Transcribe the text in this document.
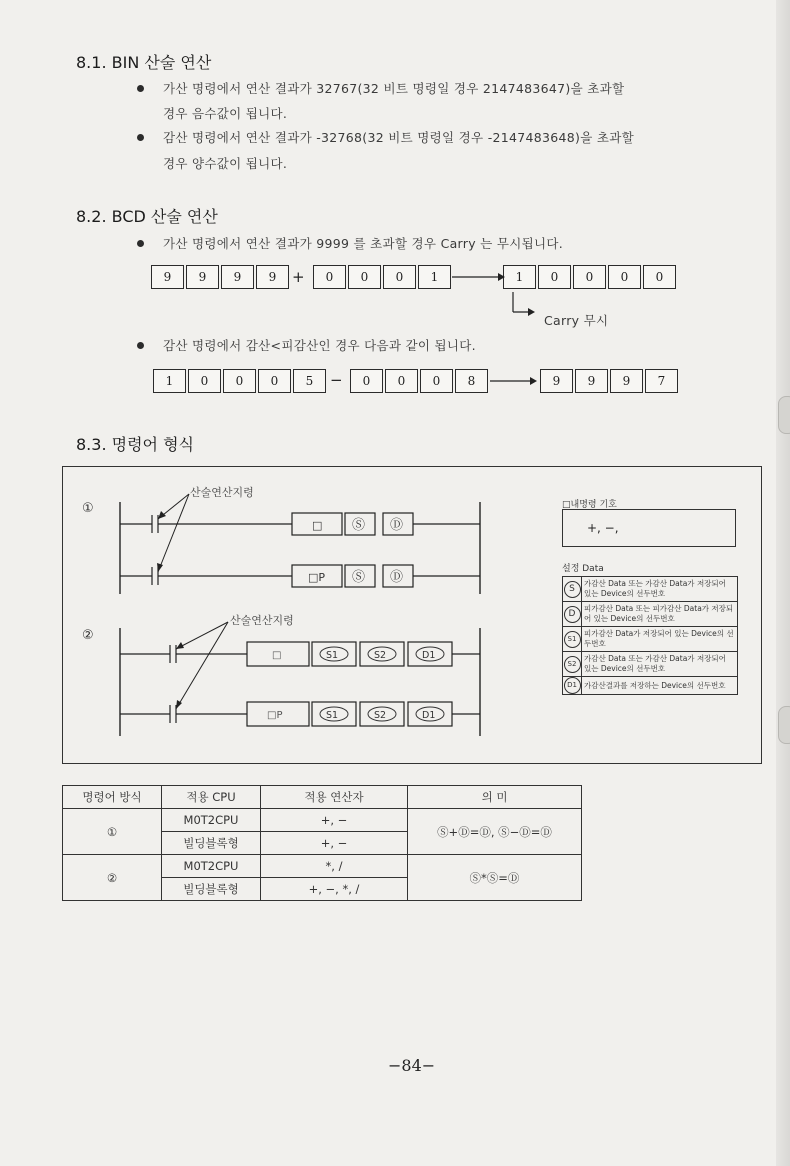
8.1. BIN 산술 연산
가산 명령에서 연산 결과가 32767(32 비트 명령일 경우 2147483647)을 초과할
경우 음수값이 됩니다.
감산 명령에서 연산 결과가 -32768(32 비트 명령일 경우 -2147483648)을 초과할
경우 양수값이 됩니다.
8.2. BCD 산술 연산
가산 명령에서 연산 결과가 9999 를 초과할 경우 Carry 는 무시됩니다.
9	9	9	9	+	0	0	0	1	1	0	0	0	0
Carry 무시
감산 명령에서 감산<피감산인 경우 다음과 같이 됩니다.
1	0	0	0	5	−	0	0	0	8	9	9	9	7
8.3. 명령어 형식
①
□ Ⓢ Ⓓ
□P Ⓢ Ⓓ
산술연산지령
②
□	S1	S2	D1
□P	S1	S2	D1
산술연산지령
□내명령 기호
+, −,
설정 Data
S	가감산 Data 또는 가감산 Data가 저장되어 있는 Device의 선두번호
D	피가감산 Data 또는 피가감산 Data가 저장되어 있는 Device의 선두번호
S1	피가감산 Data가 저장되어 있는 Device의 선두번호
S2	가감산 Data 또는 가감산 Data가 저장되어 있는 Device의 선두번호
D1	가감산결과를 저장하는 Device의 선두번호
명령어 방식	적용 CPU	적용 연산자	의 미
①	M0T2CPU	+, −	Ⓢ+Ⓓ=Ⓓ, Ⓢ−Ⓓ=Ⓓ
	빌딩블록형	+, −	
②	M0T2CPU	*, /	Ⓢ*Ⓢ=Ⓓ
	빌딩블록형	+, −, *, /	
−84−
